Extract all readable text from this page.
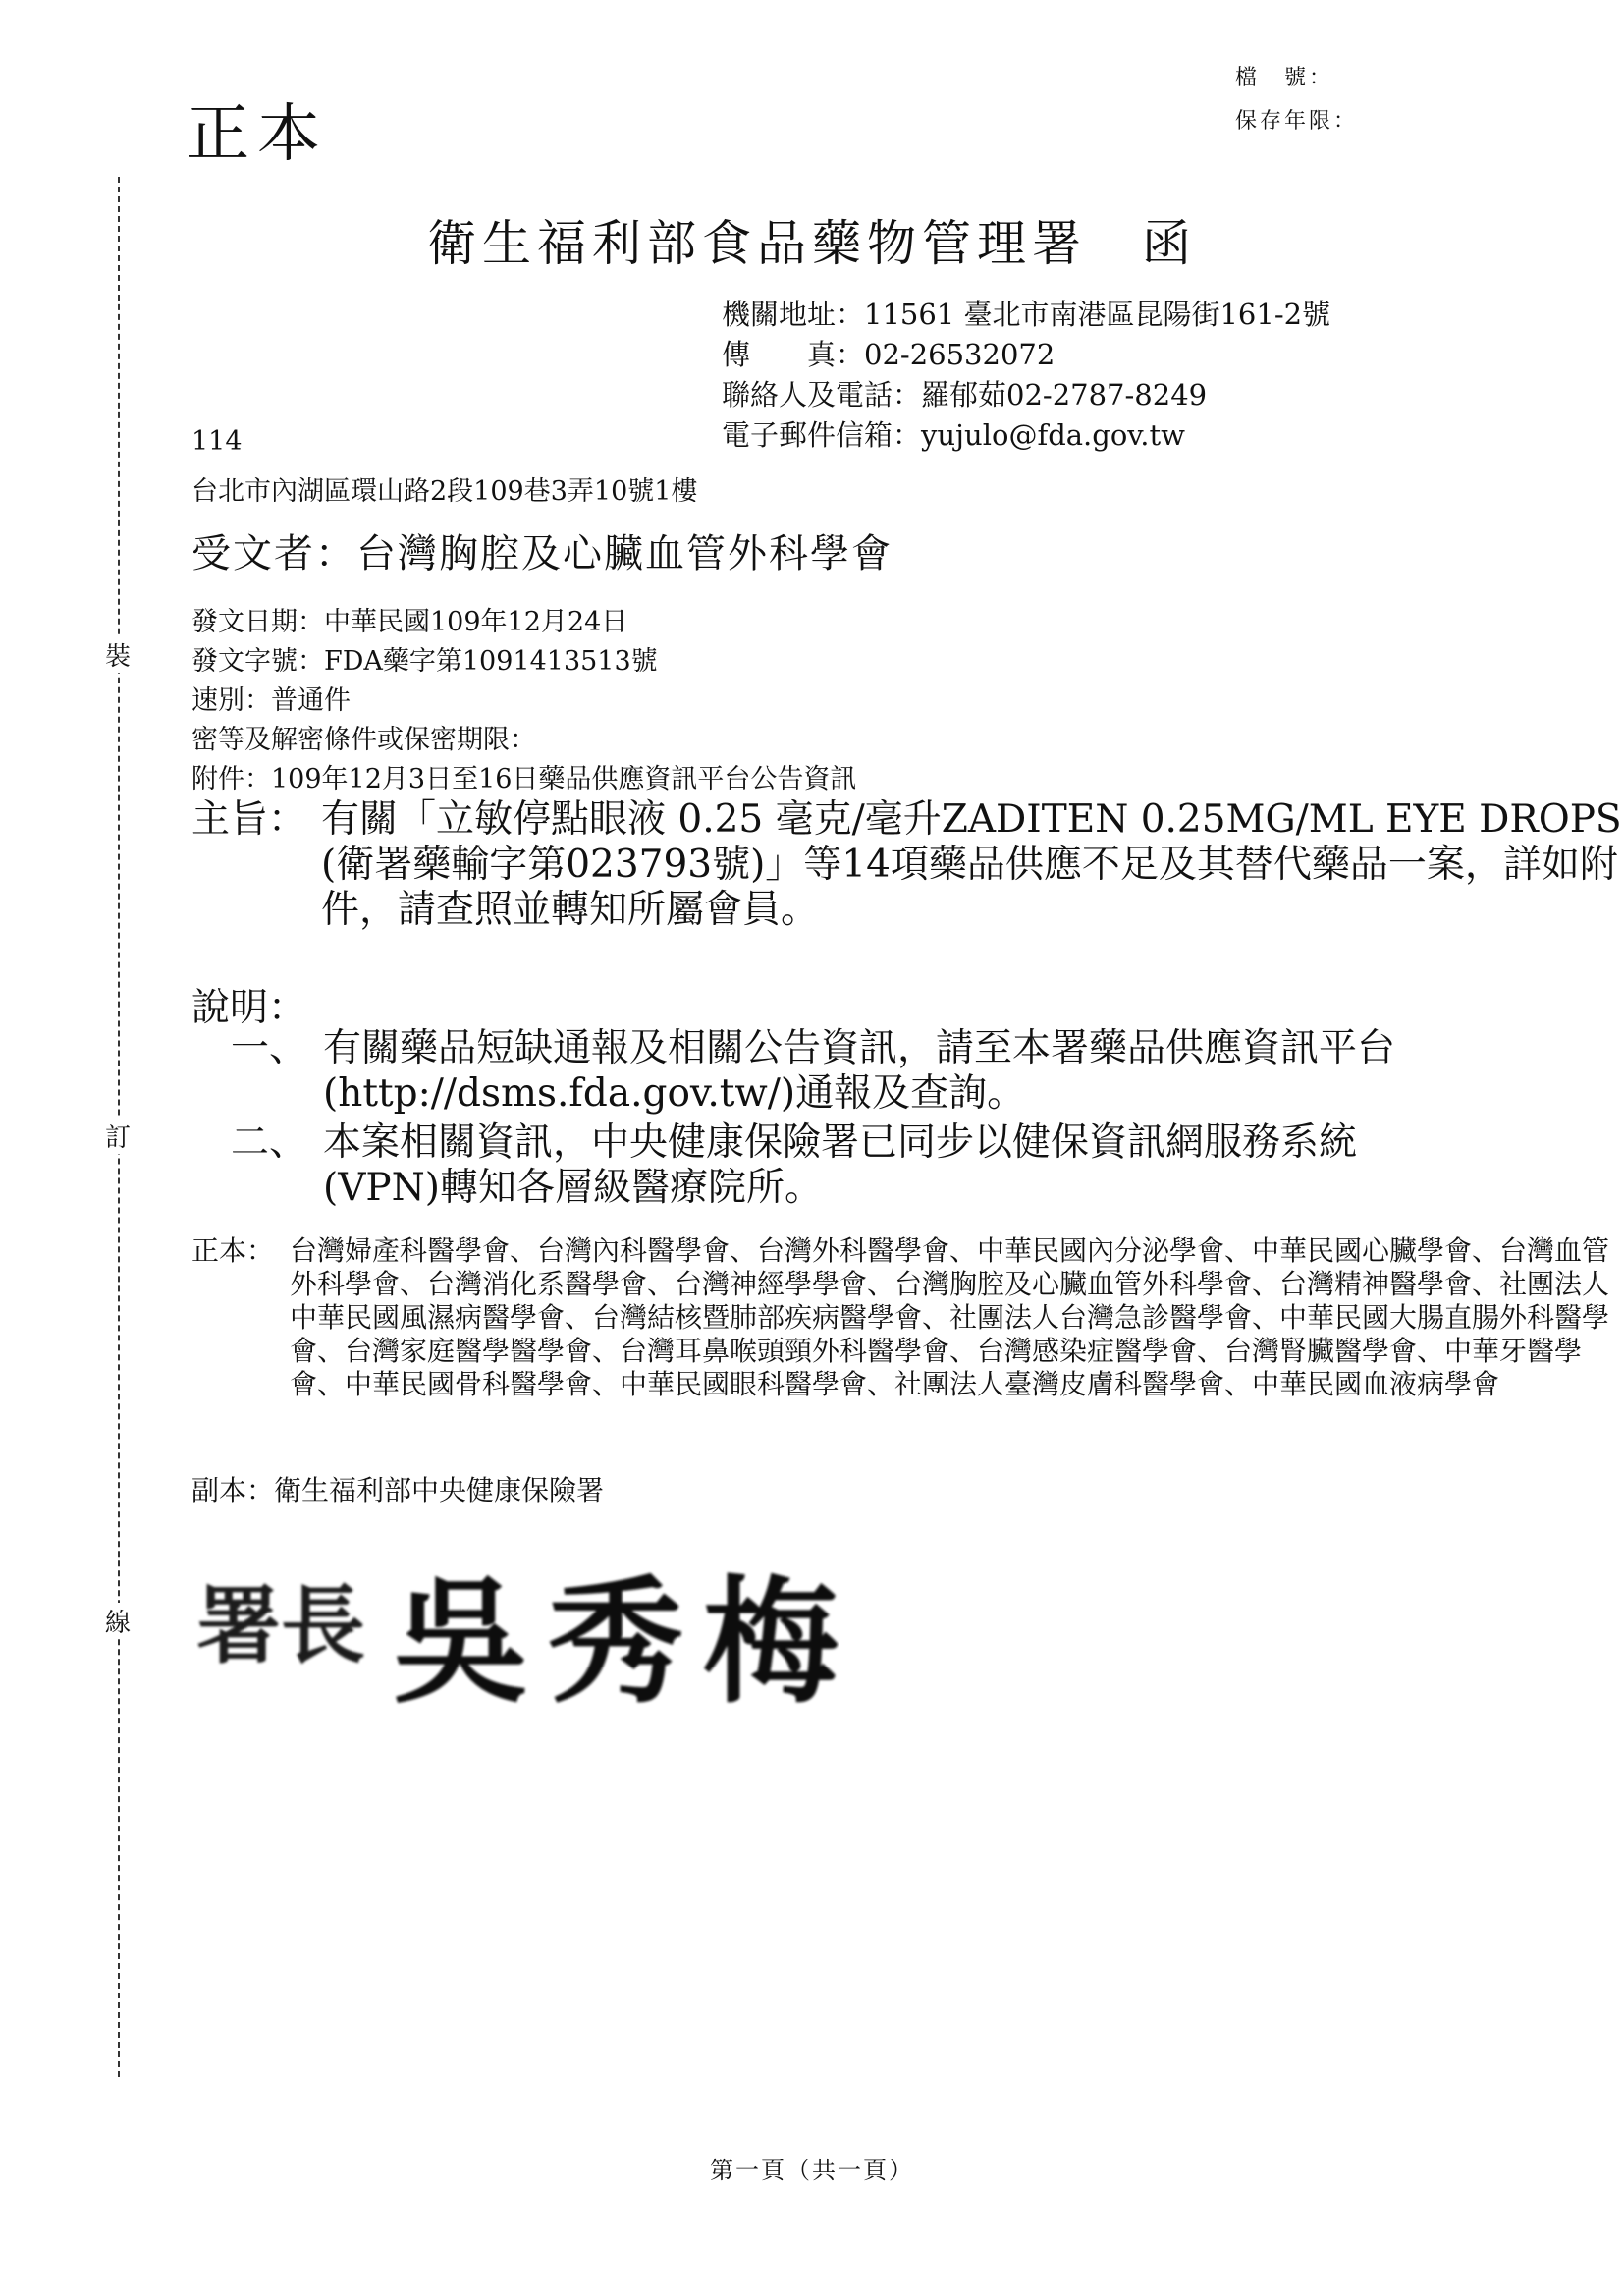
裝
訂
線
正本
檔　號：
保存年限：
衛生福利部食品藥物管理署　函
機關地址：11561 臺北市南港區昆陽街161-2號
傳　　真：02-26532072
聯絡人及電話：羅郁茹02-2787-8249
電子郵件信箱：yujulo@fda.gov.tw
114
台北市內湖區環山路2段109巷3弄10號1樓
受文者：台灣胸腔及心臟血管外科學會
發文日期：中華民國109年12月24日
發文字號：FDA藥字第1091413513號
速別：普通件
密等及解密條件或保密期限：
附件：109年12月3日至16日藥品供應資訊平台公告資訊
主旨： 有關「立敏停點眼液 0.25 毫克/毫升ZADITEN 0.25MG/ML EYE DROPS (衛署藥輸字第023793號)」等14項藥品供應不足及其替代藥品一案，詳如附件，請查照並轉知所屬會員。
說明：
一、 有關藥品短缺通報及相關公告資訊，請至本署藥品供應資訊平台(http://dsms.fda.gov.tw/)通報及查詢。
二、 本案相關資訊，中央健康保險署已同步以健保資訊網服務系統(VPN)轉知各層級醫療院所。
正本： 台灣婦產科醫學會、台灣內科醫學會、台灣外科醫學會、中華民國內分泌學會、中華民國心臟學會、台灣血管外科學會、台灣消化系醫學會、台灣神經學學會、台灣胸腔及心臟血管外科學會、台灣精神醫學會、社團法人中華民國風濕病醫學會、台灣結核暨肺部疾病醫學會、社團法人台灣急診醫學會、中華民國大腸直腸外科醫學會、台灣家庭醫學醫學會、台灣耳鼻喉頭頸外科醫學會、台灣感染症醫學會、台灣腎臟醫學會、中華牙醫學會、中華民國骨科醫學會、中華民國眼科醫學會、社團法人臺灣皮膚科醫學會、中華民國血液病學會
副本：衛生福利部中央健康保險署
署長 吳秀梅
第一頁（共一頁）
